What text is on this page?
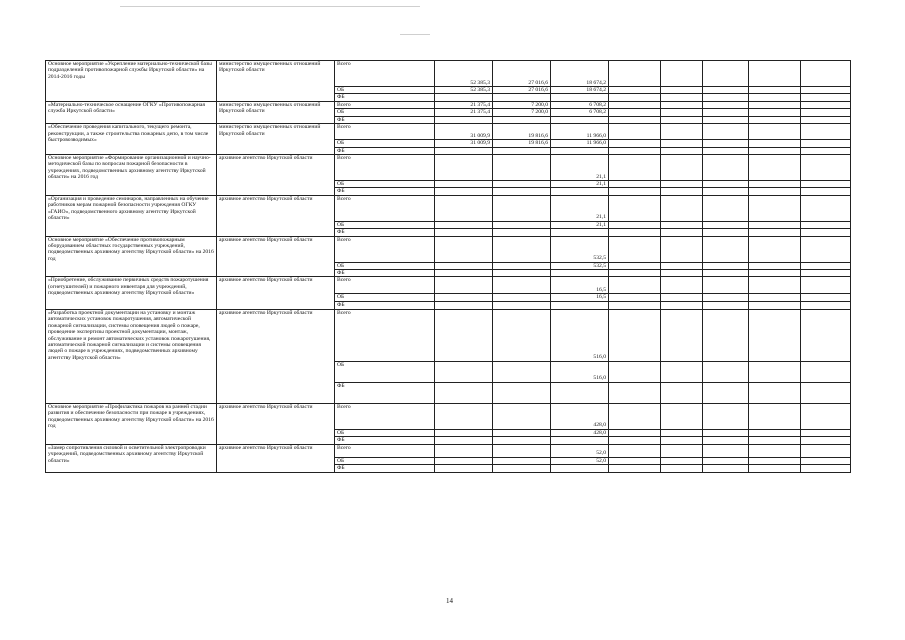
Основное мероприятие «Укрепление материально-технической базы подразделений противопожарной службы Иркутской области» на 2014-2016 годы	министерство имущественных отношений Иркутской области	Всего	52 385,3	27 016,6	18 674,2					
		ОБ	52 385,3	27 016,6	18 674,2					
		ФБ								
«Материально-техническое оснащение ОГКУ «Противопожарная служба Иркутской области»	министерство имущественных отношений Иркутской области	Всего	21 375,4	7 200,0	6 708,2					
		ОБ	21 375,4	7 200,0	6 708,2					
		ФБ								
«Обеспечение проведения капитального, текущего ремонта, реконструкции, а также строительства пожарных депо, в том числе быстровозводимых»	министерство имущественных отношений Иркутской области	Всего	31 009,9	19 816,6	11 966,0					
		ОБ	31 009,9	19 816,6	11 966,0					
		ФБ								
Основное мероприятие «Формирование организационной и научно-методической базы по вопросам пожарной безопасности в учреждениях, подведомственных архивному агентству Иркутской области» на 2016 год	архивное агентство Иркутской области	Всего			21,1					
		ОБ			21,1					
		ФБ								
«Организация и проведение семинаров, направленных на обучение работников мерам пожарной безопасности учреждения ОГКУ «ГАИО», подведомственного архивному агентству Иркутской области»	архивное агентство Иркутской области	Всего			21,1					
		ОБ			21,1					
		ФБ								
Основное мероприятие «Обеспечение противопожарным оборудованием областных государственных учреждений, подведомственных архивному агентству Иркутской области» на 2016 год	архивное агентство Иркутской области	Всего			532,5					
		ОБ			532,5					
		ФБ								
«Приобретение, обслуживание первичных средств пожаротушения (огнетушителей) и пожарного инвентаря для учреждений, подведомственных архивному агентству Иркутской области»	архивное агентство Иркутской области	Всего			16,5					
		ОБ			16,5					
		ФБ								
«Разработка проектной документации на установку и монтаж автоматических установок пожаротушения, автоматической пожарной сигнализации, системы оповещения людей о пожаре, проведение экспертизы проектной документации, монтаж, обслуживание и ремонт автоматических установок пожаротушения, автоматической пожарной сигнализации и системы оповещения людей о пожаре в учреждениях, подведомственных архивному агентству Иркутской области»	архивное агентство Иркутской области	Всего			516,0					
		ОБ			516,0					
		ФБ								
Основное мероприятие «Профилактика пожаров на ранней стадии развития и обеспечение безопасности при пожаре в учреждениях, подведомственных архивному агентству Иркутской области» на 2016 год	архивное агентство Иркутской области	Всего			428,0					
		ОБ			428,0					
		ФБ								
«Замер сопротивления силовой и осветительной электропроводки учреждений, подведомственных архивному агентству Иркутской области»	архивное агентство Иркутской области	Всего			52,0					
		ОБ			52,0					
		ФБ								
14
